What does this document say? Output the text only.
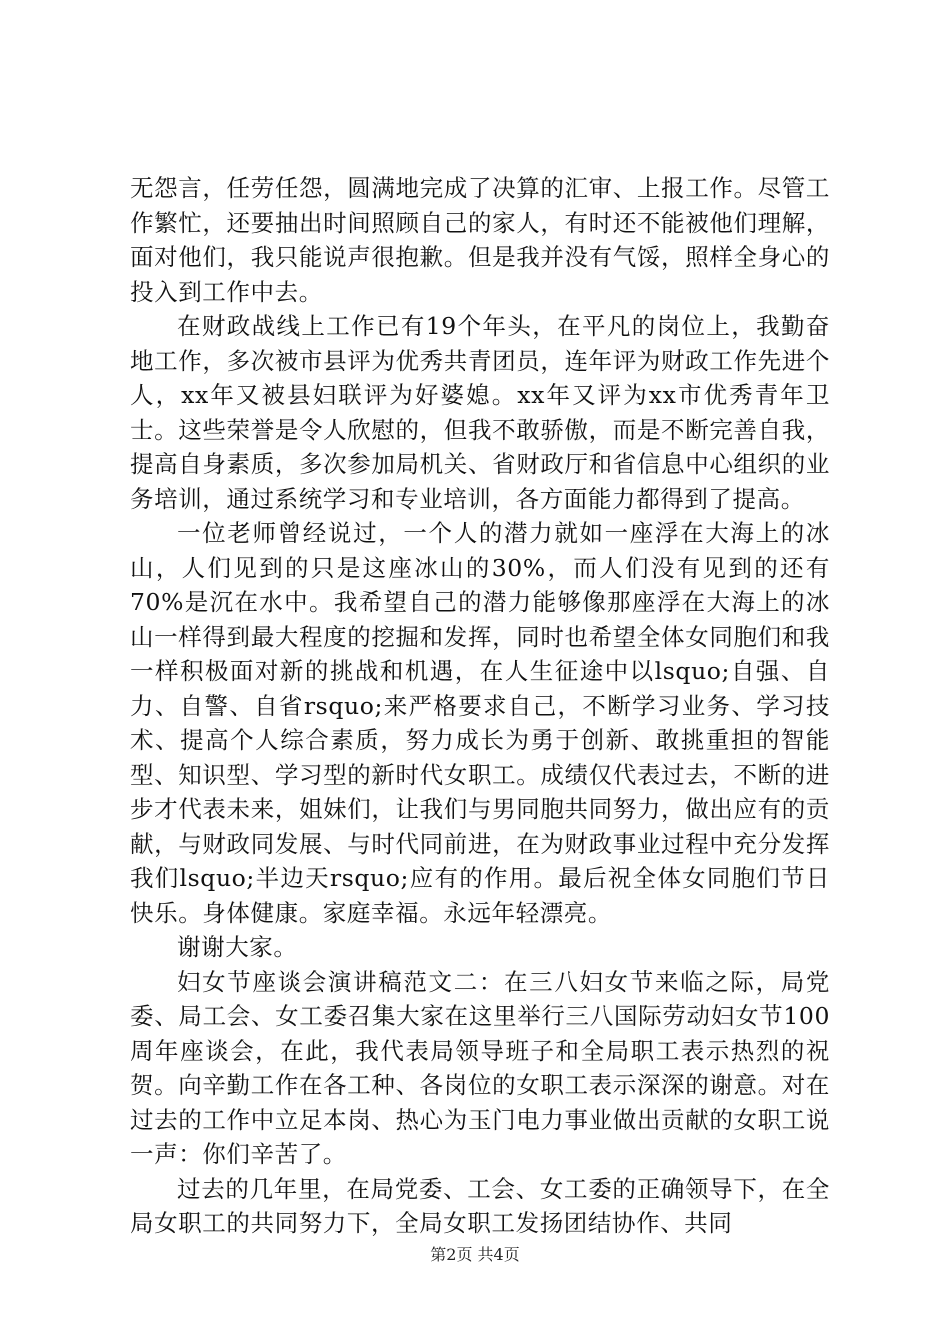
无怨言，任劳任怨，圆满地完成了决算的汇审、上报工作。尽管工作繁忙，还要抽出时间照顾自己的家人，有时还不能被他们理解，面对他们，我只能说声很抱歉。但是我并没有气馁，照样全身心的投入到工作中去。

在财政战线上工作已有19个年头，在平凡的岗位上，我勤奋地工作，多次被市县评为优秀共青团员，连年评为财政工作先进个人，xx年又被县妇联评为好婆媳。xx年又评为xx市优秀青年卫士。这些荣誉是令人欣慰的，但我不敢骄傲，而是不断完善自我，提高自身素质，多次参加局机关、省财政厅和省信息中心组织的业务培训，通过系统学习和专业培训，各方面能力都得到了提高。

一位老师曾经说过，一个人的潜力就如一座浮在大海上的冰山，人们见到的只是这座冰山的30%，而人们没有见到的还有70%是沉在水中。我希望自己的潜力能够像那座浮在大海上的冰山一样得到最大程度的挖掘和发挥，同时也希望全体女同胞们和我一样积极面对新的挑战和机遇，在人生征途中以lsquo;自强、自力、自警、自省rsquo;来严格要求自己，不断学习业务、学习技术、提高个人综合素质，努力成长为勇于创新、敢挑重担的智能型、知识型、学习型的新时代女职工。成绩仅代表过去，不断的进步才代表未来，姐妹们，让我们与男同胞共同努力，做出应有的贡献，与财政同发展、与时代同前进，在为财政事业过程中充分发挥我们lsquo;半边天rsquo;应有的作用。最后祝全体女同胞们节日快乐。身体健康。家庭幸福。永远年轻漂亮。

谢谢大家。

妇女节座谈会演讲稿范文二：在三八妇女节来临之际，局党委、局工会、女工委召集大家在这里举行三八国际劳动妇女节100周年座谈会，在此，我代表局领导班子和全局职工表示热烈的祝贺。向辛勤工作在各工种、各岗位的女职工表示深深的谢意。对在过去的工作中立足本岗、热心为玉门电力事业做出贡献的女职工说一声：你们辛苦了。

过去的几年里，在局党委、工会、女工委的正确领导下，在全局女职工的共同努力下，全局女职工发扬团结协作、共同

第2页 共4页
